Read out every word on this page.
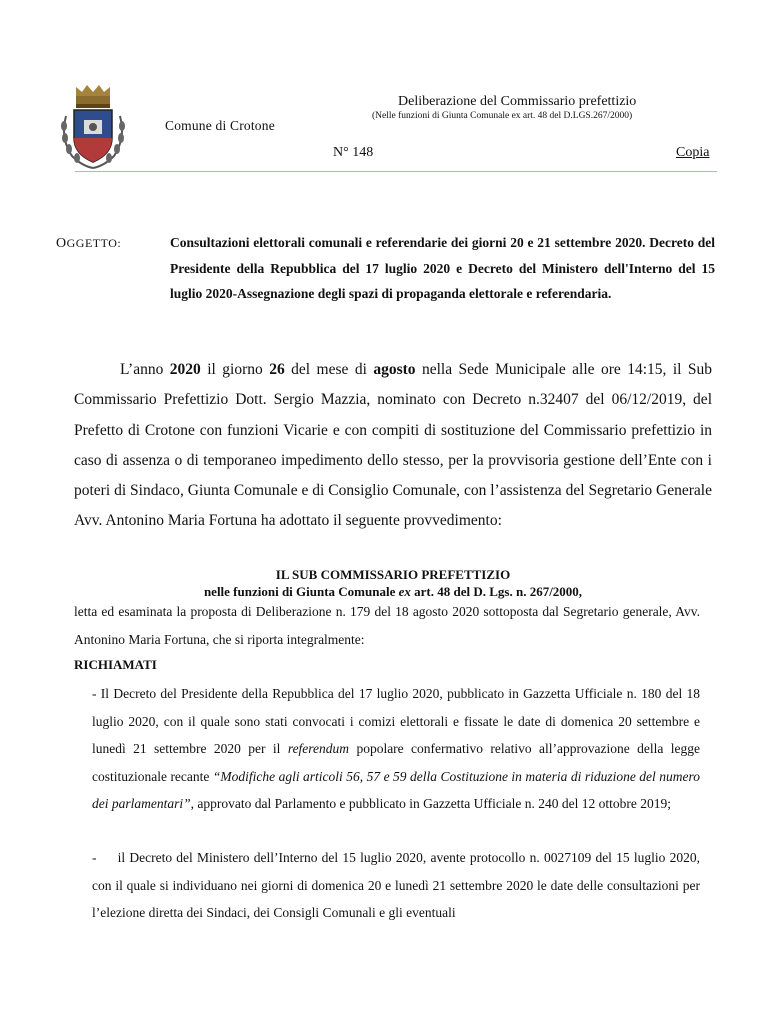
Comune di Crotone
Deliberazione del Commissario prefettizio
(Nelle funzioni di Giunta Comunale ex art. 48 del D.LGS.267/2000)
N° 148	Copia
OGGETTO:	Consultazioni elettorali comunali e referendarie dei giorni 20 e 21 settembre 2020. Decreto del Presidente della Repubblica del 17 luglio 2020 e Decreto del Ministero dell'Interno del 15 luglio 2020-Assegnazione degli spazi di propaganda elettorale e referendaria.
L’anno 2020 il giorno 26 del mese di agosto nella Sede Municipale alle ore 14:15, il Sub Commissario Prefettizio Dott. Sergio Mazzia, nominato con Decreto n.32407 del 06/12/2019, del Prefetto di Crotone con funzioni Vicarie e con compiti di sostituzione del Commissario prefettizio in caso di assenza o di temporaneo impedimento dello stesso, per la provvisoria gestione dell’Ente con i poteri di Sindaco, Giunta Comunale e di Consiglio Comunale, con l’assistenza del Segretario Generale Avv. Antonino Maria Fortuna ha adottato il seguente provvedimento:
IL SUB COMMISSARIO PREFETTIZIO
nelle funzioni di Giunta Comunale ex art. 48 del D. Lgs. n. 267/2000,
letta ed esaminata la proposta di Deliberazione n. 179 del 18 agosto 2020 sottoposta dal Segretario generale, Avv. Antonino Maria Fortuna, che si riporta integralmente:
RICHIAMATI
- Il Decreto del Presidente della Repubblica del 17 luglio 2020, pubblicato in Gazzetta Ufficiale n. 180 del 18 luglio 2020, con il quale sono stati convocati i comizi elettorali e fissate le date di domenica 20 settembre e lunedì 21 settembre 2020 per il referendum popolare confermativo relativo all’approvazione della legge costituzionale recante “Modifiche agli articoli 56, 57 e 59 della Costituzione in materia di riduzione del numero dei parlamentari”, approvato dal Parlamento e pubblicato in Gazzetta Ufficiale n. 240 del 12 ottobre 2019;
- il Decreto del Ministero dell’Interno del 15 luglio 2020, avente protocollo n. 0027109 del 15 luglio 2020, con il quale si individuano nei giorni di domenica 20 e lunedì 21 settembre 2020 le date delle consultazioni per l’elezione diretta dei Sindaci, dei Consigli Comunali e gli eventuali
